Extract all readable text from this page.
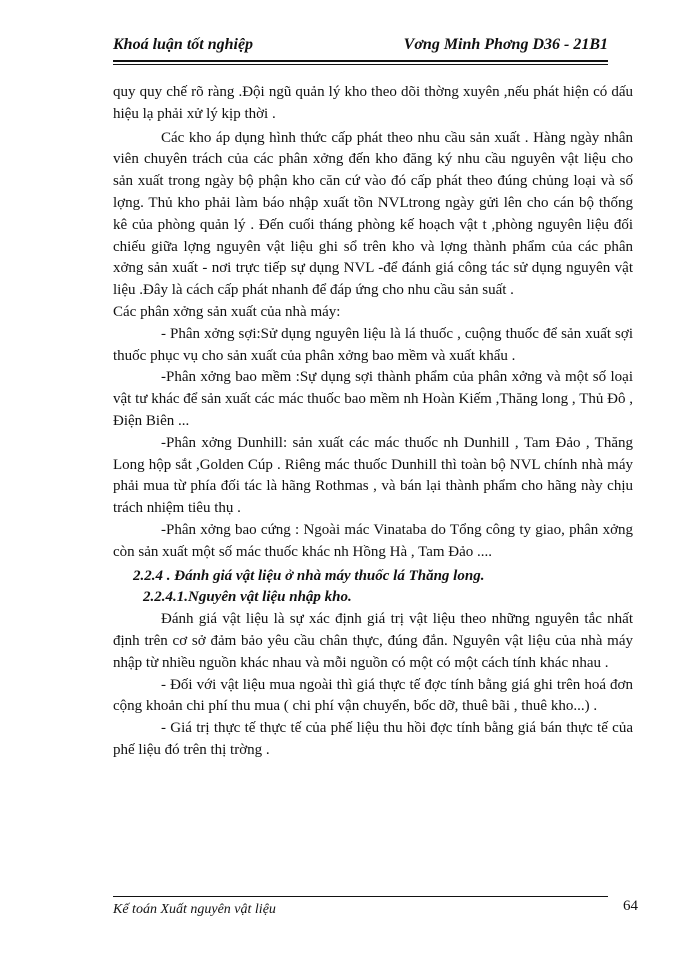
Khoá luận tốt nghiệp	Vơng Minh Phơng D36 - 21B1

quy quy chế rõ ràng .Đội ngũ quản lý kho theo dõi thờng xuyên ,nếu phát hiện có dấu hiệu lạ phải xử lý kịp thời .

Các kho áp dụng hình thức cấp phát theo nhu cầu sản xuất . Hàng ngày nhân viên chuyên trách của các phân xởng đến kho đăng ký nhu cầu nguyên vật liệu cho sản xuất trong ngày bộ phận kho căn cứ vào đó cấp phát theo đúng chủng loại và số lợng. Thủ kho phải làm báo nhập xuất tồn NVLtrong ngày gửi lên cho cán bộ thống kê của phòng quản lý . Đến cuối tháng phòng kế hoạch vật t ,phòng nguyên liệu đối chiếu giữa lợng nguyên vật liệu ghi sổ trên kho và lợng thành phẩm của các phân xởng sản xuất - nơi trực tiếp sự dụng NVL -để đánh giá công tác sử dụng nguyên vật liệu .Đây là cách cấp phát nhanh để đáp ứng cho nhu cầu sản suất .

Các phân xởng sản xuất của nhà máy:

- Phân xởng sợi:Sử dụng nguyên liệu là lá thuốc , cuộng thuốc để sản xuất sợi thuốc phục vụ cho sản xuất của phân xởng bao mềm và xuất khẩu .

-Phân xởng bao mềm :Sự dụng sợi thành phẩm của phân xởng và một số loại vật tư khác để sản xuất các mác thuốc bao mềm nh Hoàn Kiếm ,Thăng long , Thủ Đô , Điện Biên ...

-Phân xởng Dunhill: sản xuất các mác thuốc nh Dunhill , Tam Đảo , Thăng Long hộp sắt ,Golden Cúp . Riêng mác thuốc Dunhill thì toàn bộ NVL chính nhà máy phải mua từ phía đối tác là hãng Rothmas , và bán lại thành phẩm cho hãng này chịu trách nhiệm tiêu thụ .

-Phân xởng bao cứng : Ngoài mác Vinataba do Tổng công ty giao, phân xởng còn sản xuất một số mác thuốc khác nh Hồng Hà , Tam Đảo ....

2.2.4 . Đánh giá vật liệu ở nhà máy thuốc lá Thăng long.

2.2.4.1.Nguyên vật liệu nhập kho.

Đánh giá vật liệu là sự xác định giá trị vật liệu theo những nguyên tắc nhất định trên cơ sở đảm bảo yêu cầu chân thực, đúng đắn. Nguyên vật liệu của nhà máy nhập từ nhiều nguồn khác nhau và mỗi nguồn có một có một cách tính khác nhau .

- Đối với vật liệu mua ngoài thì giá thực tế đợc tính bằng giá ghi trên hoá đơn cộng khoản chi phí thu mua ( chi phí vận chuyển, bốc dỡ, thuê bãi , thuê kho...) .

- Giá trị thực tế thực tế của phế liệu thu hồi đợc tính bằng giá bán thực tế của phế liệu đó trên thị trờng .

Kế toán Xuất nguyên vật liệu	64
